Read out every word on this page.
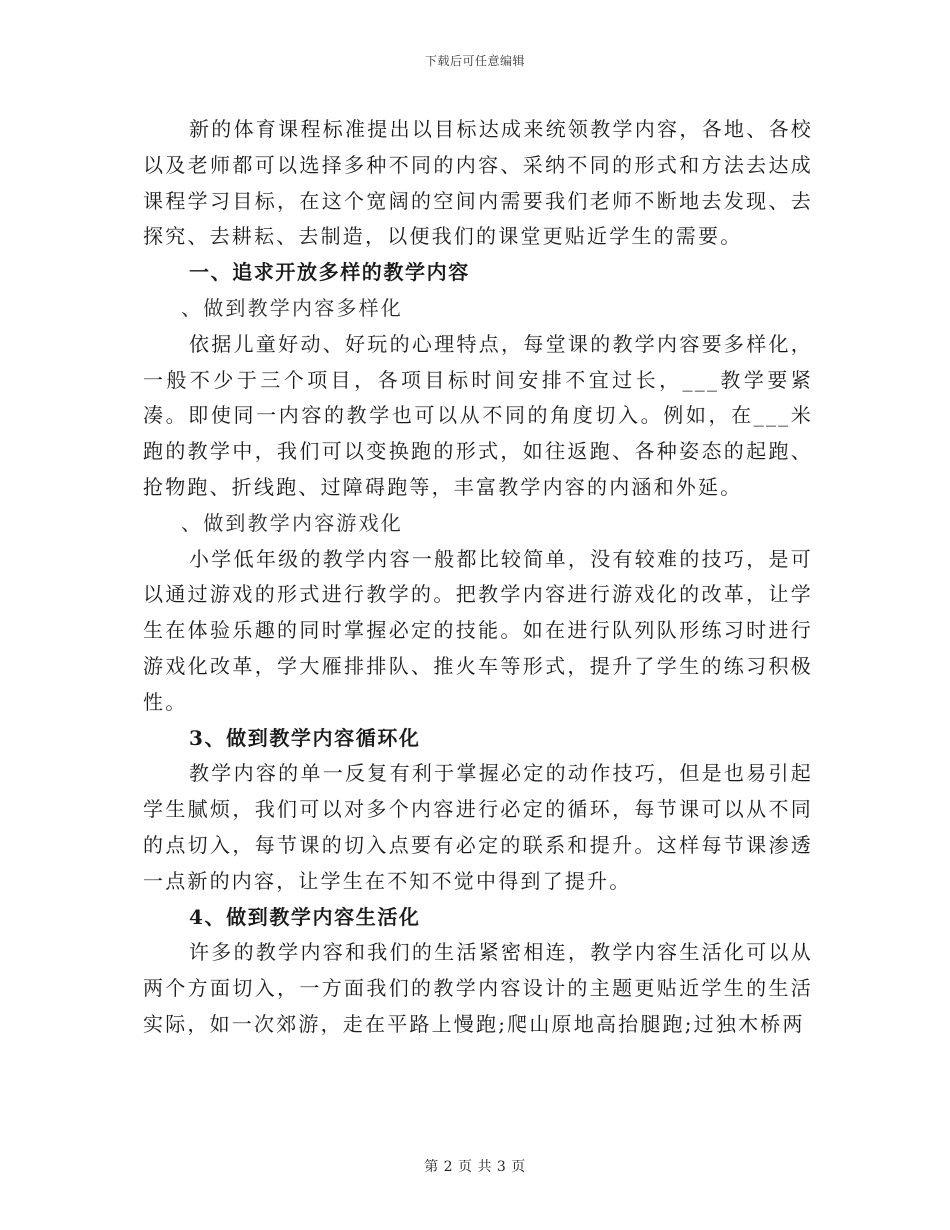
下载后可任意编辑

新的体育课程标准提出以目标达成来统领教学内容，各地、各校以及老师都可以选择多种不同的内容、采纳不同的形式和方法去达成课程学习目标，在这个宽阔的空间内需要我们老师不断地去发现、去探究、去耕耘、去制造，以便我们的课堂更贴近学生的需要。

一、追求开放多样的教学内容

、做到教学内容多样化

依据儿童好动、好玩的心理特点，每堂课的教学内容要多样化，一般不少于三个项目，各项目标时间安排不宜过长，___教学要紧凑。即使同一内容的教学也可以从不同的角度切入。例如，在___米跑的教学中，我们可以变换跑的形式，如往返跑、各种姿态的起跑、抢物跑、折线跑、过障碍跑等，丰富教学内容的内涵和外延。

、做到教学内容游戏化

小学低年级的教学内容一般都比较简单，没有较难的技巧，是可以通过游戏的形式进行教学的。把教学内容进行游戏化的改革，让学生在体验乐趣的同时掌握必定的技能。如在进行队列队形练习时进行游戏化改革，学大雁排排队、推火车等形式，提升了学生的练习积极性。

3、做到教学内容循环化

教学内容的单一反复有利于掌握必定的动作技巧，但是也易引起学生腻烦，我们可以对多个内容进行必定的循环，每节课可以从不同的点切入，每节课的切入点要有必定的联系和提升。这样每节课渗透一点新的内容，让学生在不知不觉中得到了提升。

4、做到教学内容生活化

许多的教学内容和我们的生活紧密相连，教学内容生活化可以从两个方面切入，一方面我们的教学内容设计的主题更贴近学生的生活实际，如一次郊游，走在平路上慢跑;爬山原地高抬腿跑;过独木桥两

第 2 页 共 3 页
